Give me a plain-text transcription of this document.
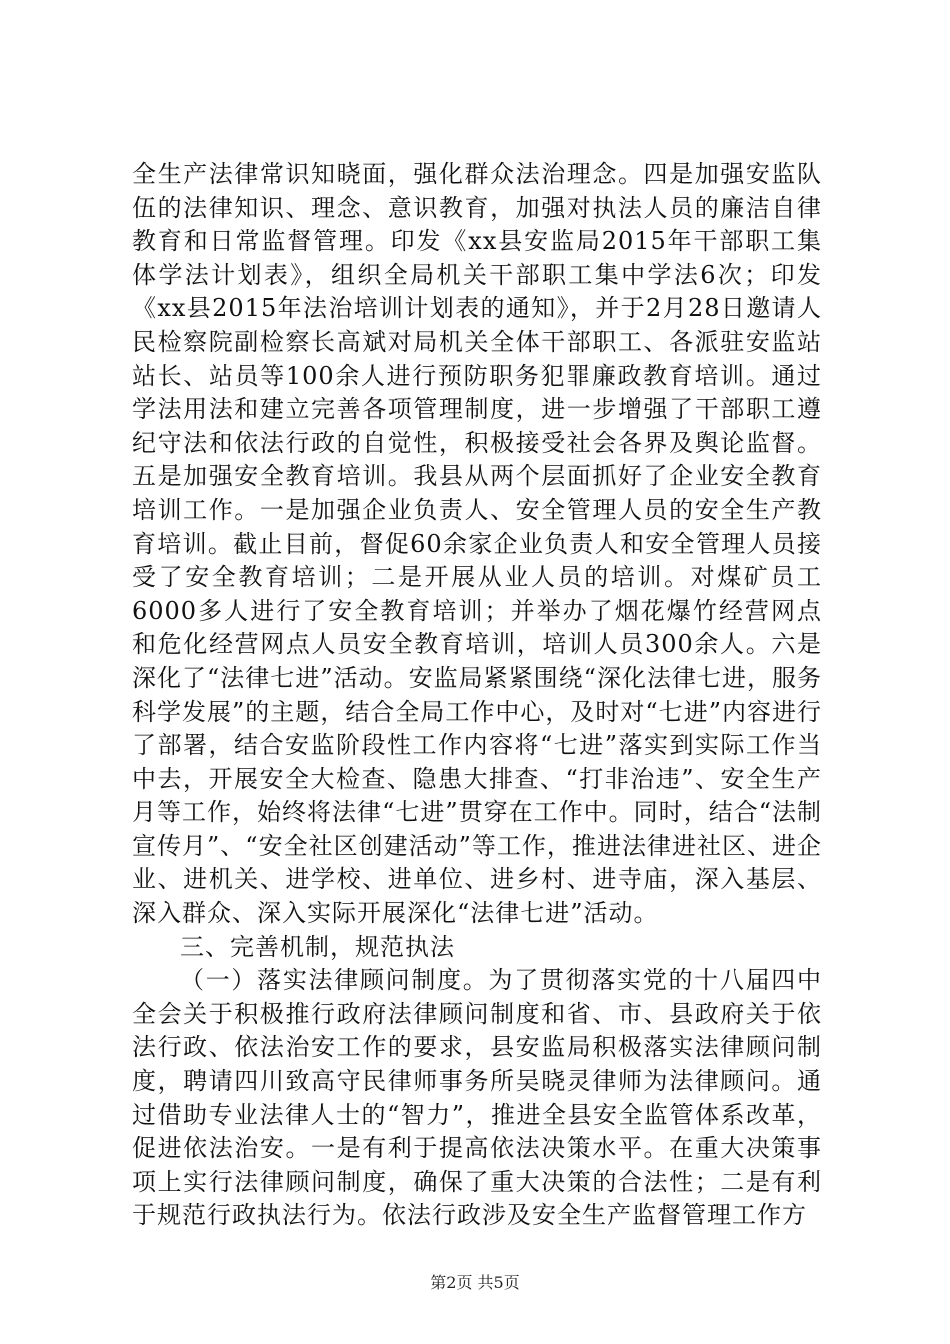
全生产法律常识知晓面，强化群众法治理念。四是加强安监队伍的法律知识、理念、意识教育，加强对执法人员的廉洁自律教育和日常监督管理。印发《xx县安监局2015年干部职工集体学法计划表》，组织全局机关干部职工集中学法6次；印发《xx县2015年法治培训计划表的通知》，并于2月28日邀请人民检察院副检察长高斌对局机关全体干部职工、各派驻安监站站长、站员等100余人进行预防职务犯罪廉政教育培训。通过学法用法和建立完善各项管理制度，进一步增强了干部职工遵纪守法和依法行政的自觉性，积极接受社会各界及舆论监督。五是加强安全教育培训。我县从两个层面抓好了企业安全教育培训工作。一是加强企业负责人、安全管理人员的安全生产教育培训。截止目前，督促60余家企业负责人和安全管理人员接受了安全教育培训；二是开展从业人员的培训。对煤矿员工6000多人进行了安全教育培训；并举办了烟花爆竹经营网点和危化经营网点人员安全教育培训，培训人员300余人。六是深化了“法律七进”活动。安监局紧紧围绕“深化法律七进，服务科学发展”的主题，结合全局工作中心，及时对“七进”内容进行了部署，结合安监阶段性工作内容将“七进”落实到实际工作当中去，开展安全大检查、隐患大排查、“打非治违”、安全生产月等工作，始终将法律“七进”贯穿在工作中。同时，结合“法制宣传月”、“安全社区创建活动”等工作，推进法律进社区、进企业、进机关、进学校、进单位、进乡村、进寺庙，深入基层、深入群众、深入实际开展深化“法律七进”活动。

三、完善机制，规范执法

（一）落实法律顾问制度。为了贯彻落实党的十八届四中全会关于积极推行政府法律顾问制度和省、市、县政府关于依法行政、依法治安工作的要求，县安监局积极落实法律顾问制度，聘请四川致高守民律师事务所吴晓灵律师为法律顾问。通过借助专业法律人士的“智力”，推进全县安全监管体系改革，促进依法治安。一是有利于提高依法决策水平。在重大决策事项上实行法律顾问制度，确保了重大决策的合法性；二是有利于规范行政执法行为。依法行政涉及安全生产监督管理工作方

第2页 共5页
